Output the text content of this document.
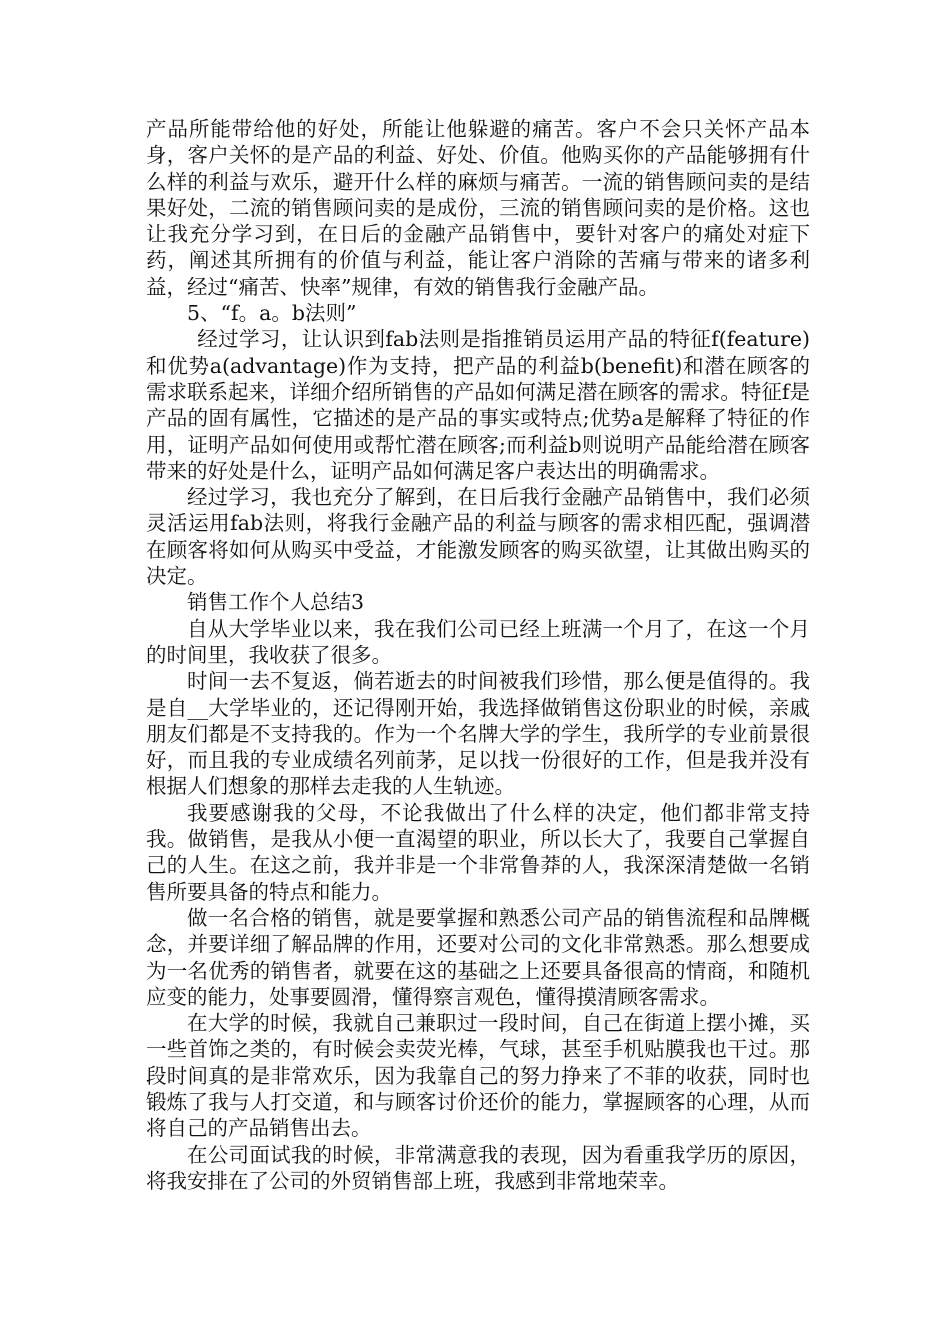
产品所能带给他的好处，所能让他躲避的痛苦。客户不会只关怀产品本身，客户关怀的是产品的利益、好处、价值。他购买你的产品能够拥有什么样的利益与欢乐，避开什么样的麻烦与痛苦。一流的销售顾问卖的是结果好处，二流的销售顾问卖的是成份，三流的销售顾问卖的是价格。这也让我充分学习到，在日后的金融产品销售中，要针对客户的痛处对症下药，阐述其所拥有的价值与利益，能让客户消除的苦痛与带来的诸多利益，经过“痛苦、快率”规律，有效的销售我行金融产品。

5、“f。a。b法则”

经过学习，让认识到fab法则是指推销员运用产品的特征f(feature)和优势a(advantage)作为支持，把产品的利益b(benefit)和潜在顾客的需求联系起来，详细介绍所销售的产品如何满足潜在顾客的需求。特征f是产品的固有属性，它描述的是产品的事实或特点;优势a是解释了特征的作用，证明产品如何使用或帮忙潜在顾客;而利益b则说明产品能给潜在顾客带来的好处是什么，证明产品如何满足客户表达出的明确需求。

经过学习，我也充分了解到，在日后我行金融产品销售中，我们必须灵活运用fab法则，将我行金融产品的利益与顾客的需求相匹配，强调潜在顾客将如何从购买中受益，才能激发顾客的购买欲望，让其做出购买的决定。

销售工作个人总结3

自从大学毕业以来，我在我们公司已经上班满一个月了，在这一个月的时间里，我收获了很多。

时间一去不复返，倘若逝去的时间被我们珍惜，那么便是值得的。我是自__大学毕业的，还记得刚开始，我选择做销售这份职业的时候，亲戚朋友们都是不支持我的。作为一个名牌大学的学生，我所学的专业前景很好，而且我的专业成绩名列前茅，足以找一份很好的工作，但是我并没有根据人们想象的那样去走我的人生轨迹。

我要感谢我的父母，不论我做出了什么样的决定，他们都非常支持我。做销售，是我从小便一直渴望的职业，所以长大了，我要自己掌握自己的人生。在这之前，我并非是一个非常鲁莽的人，我深深清楚做一名销售所要具备的特点和能力。

做一名合格的销售，就是要掌握和熟悉公司产品的销售流程和品牌概念，并要详细了解品牌的作用，还要对公司的文化非常熟悉。那么想要成为一名优秀的销售者，就要在这的基础之上还要具备很高的情商，和随机应变的能力，处事要圆滑，懂得察言观色，懂得摸清顾客需求。

在大学的时候，我就自己兼职过一段时间，自己在街道上摆小摊，买一些首饰之类的，有时候会卖荧光棒，气球，甚至手机贴膜我也干过。那段时间真的是非常欢乐，因为我靠自己的努力挣来了不菲的收获，同时也锻炼了我与人打交道，和与顾客讨价还价的能力，掌握顾客的心理，从而将自己的产品销售出去。

在公司面试我的时候，非常满意我的表现，因为看重我学历的原因，将我安排在了公司的外贸销售部上班，我感到非常地荣幸。
